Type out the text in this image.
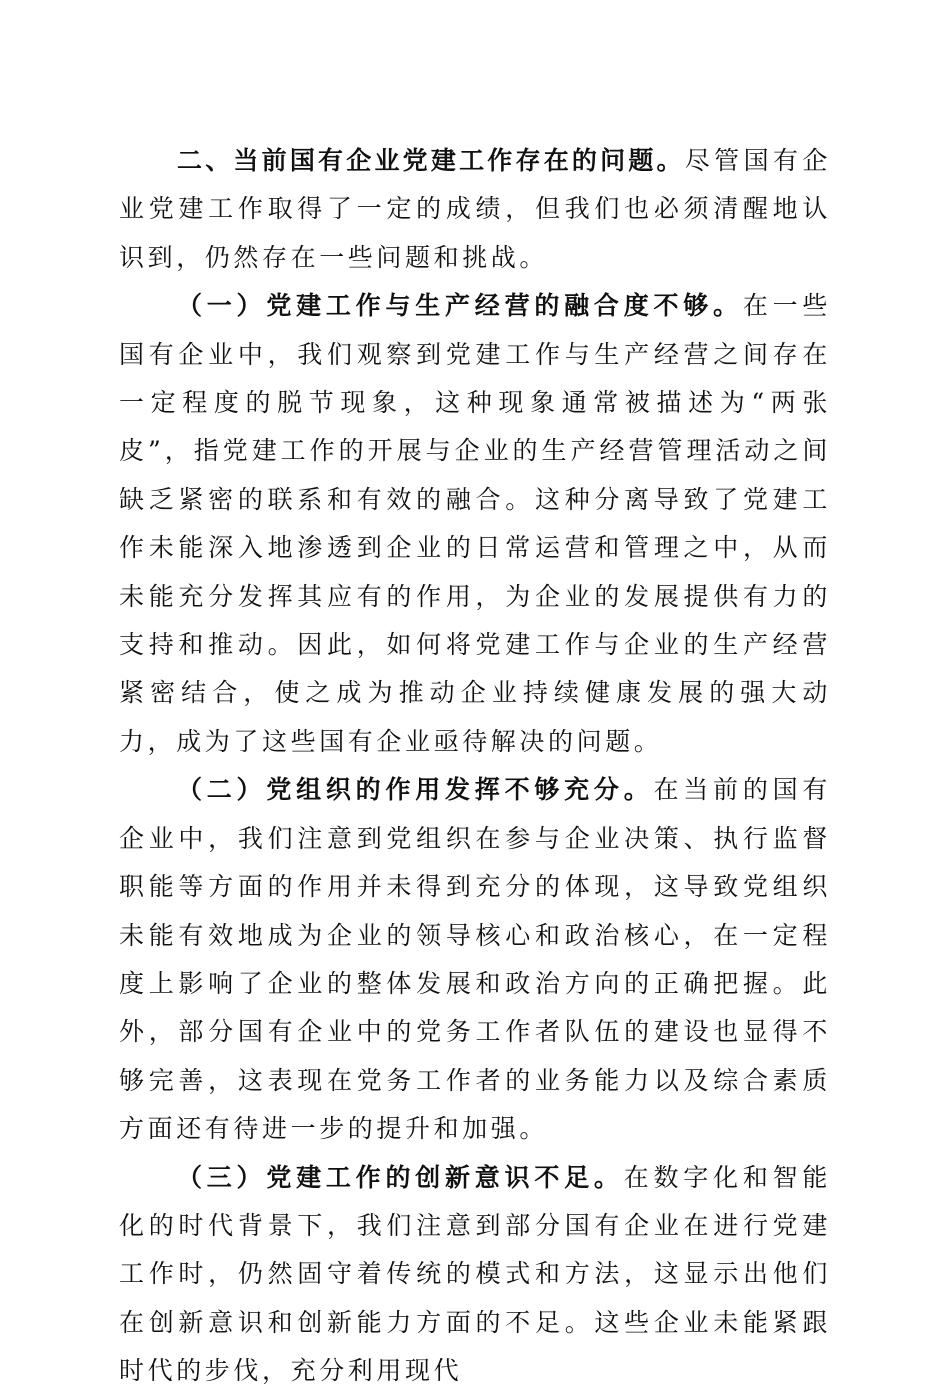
二、当前国有企业党建工作存在的问题。尽管国有企业党建工作取得了一定的成绩，但我们也必须清醒地认识到，仍然存在一些问题和挑战。

（一）党建工作与生产经营的融合度不够。在一些国有企业中，我们观察到党建工作与生产经营之间存在一定程度的脱节现象，这种现象通常被描述为“两张皮”，指党建工作的开展与企业的生产经营管理活动之间缺乏紧密的联系和有效的融合。这种分离导致了党建工作未能深入地渗透到企业的日常运营和管理之中，从而未能充分发挥其应有的作用，为企业的发展提供有力的支持和推动。因此，如何将党建工作与企业的生产经营紧密结合，使之成为推动企业持续健康发展的强大动力，成为了这些国有企业亟待解决的问题。

（二）党组织的作用发挥不够充分。在当前的国有企业中，我们注意到党组织在参与企业决策、执行监督职能等方面的作用并未得到充分的体现，这导致党组织未能有效地成为企业的领导核心和政治核心，在一定程度上影响了企业的整体发展和政治方向的正确把握。此外，部分国有企业中的党务工作者队伍的建设也显得不够完善，这表现在党务工作者的业务能力以及综合素质方面还有待进一步的提升和加强。

（三）党建工作的创新意识不足。在数字化和智能化的时代背景下，我们注意到部分国有企业在进行党建工作时，仍然固守着传统的模式和方法，这显示出他们在创新意识和创新能力方面的不足。这些企业未能紧跟时代的步伐，充分利用现代
